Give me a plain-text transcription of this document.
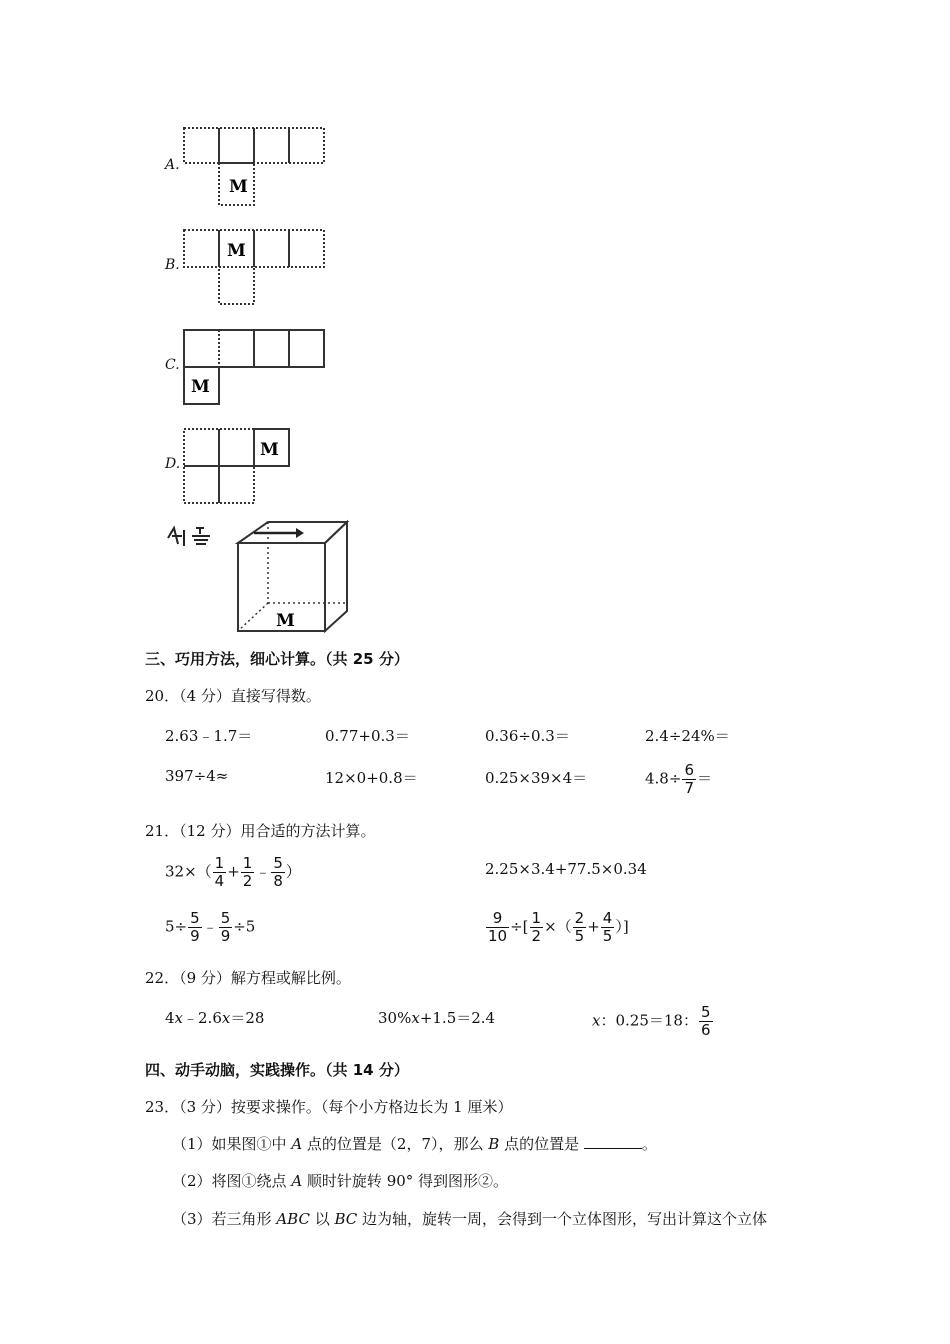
A.
M
B.
M
C.
M
D.
M
M
三、巧用方法，细心计算。（共 25 分）
20．（4 分）直接写得数。
2.63﹣1.7＝	0.77+0.3＝	0.36÷0.3＝	2.4÷24%＝
397÷4≈	12×0+0.8＝	0.25×39×4＝	$4.8\div \frac{6}{7}$ ＝
21．（12 分）用合适的方法计算。
$32\times( \frac{1}{4} + \frac{1}{2}$ ﹣ $\frac{5}{8}$ ）	2.25×3.4+77.5×0.34
$5\div \frac{5}{9}$ ﹣ $\frac{5}{9} \div 5$	$\frac{9}{10}$ ÷[ $\frac{1}{2}$ ×（ $\frac{2}{5} + \frac{4}{5}$ ）]
22．（9 分）解方程或解比例。
4x﹣2.6x＝28	30%x+1.5＝2.4	x：0.25＝18： $\frac{5}{6}$
四、动手动脑，实践操作。（共 14 分）
23．（3 分）按要求操作。（每个小方格边长为 1 厘米）
（1）如果图①中 A 点的位置是（2，7），那么 B 点的位置是	。
（2）将图①绕点 A 顺时针旋转 90° 得到图形②。
（3）若三角形 ABC 以 BC 边为轴，旋转一周，会得到一个立体图形，写出计算这个立体
